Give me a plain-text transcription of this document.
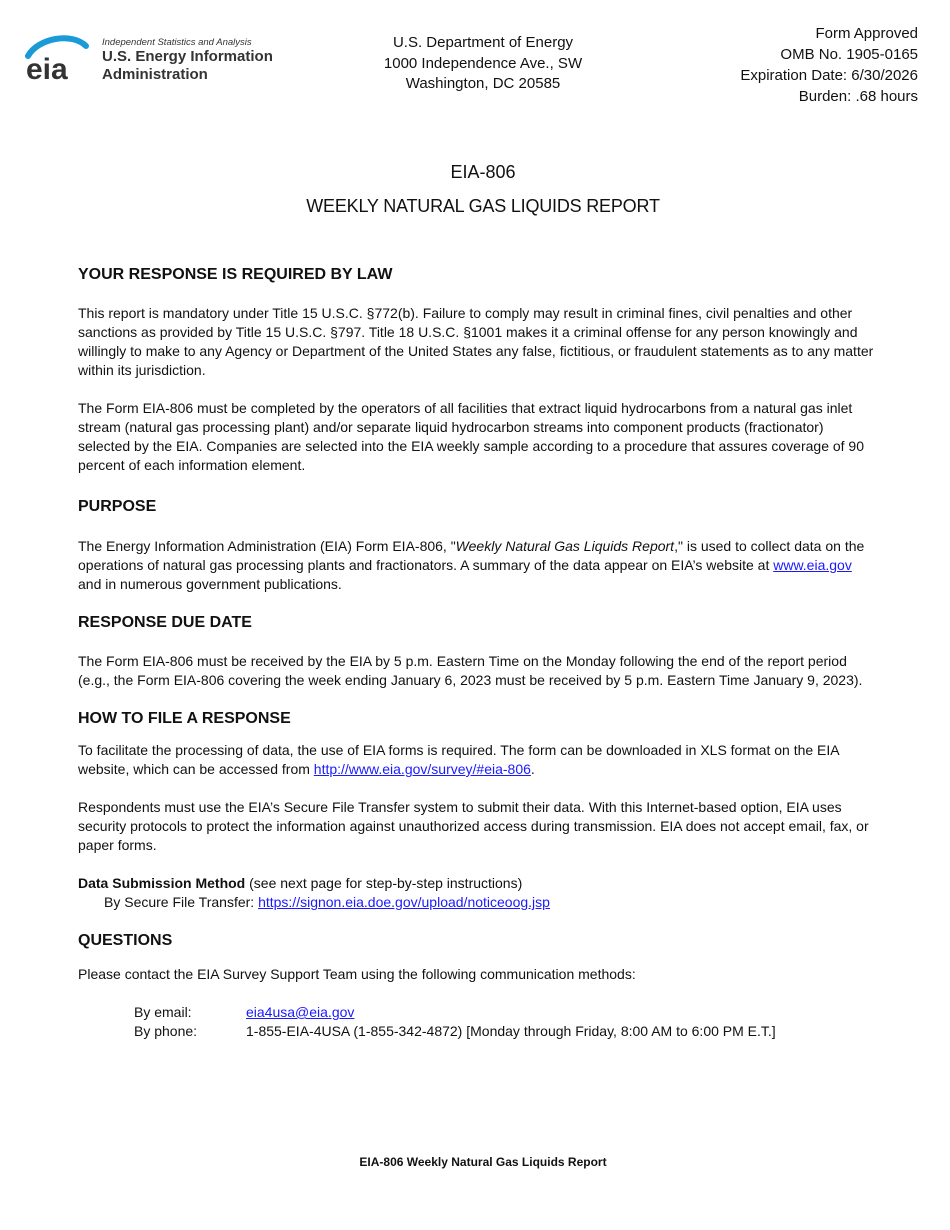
eia
Independent Statistics and Analysis
U.S. Energy Information
Administration
U.S. Department of Energy
1000 Independence Ave., SW
Washington, DC 20585
Form Approved
OMB No. 1905-0165
Expiration Date: 6/30/2026
Burden: .68 hours
EIA-806
WEEKLY NATURAL GAS LIQUIDS REPORT
YOUR RESPONSE IS REQUIRED BY LAW
This report is mandatory under Title 15 U.S.C. §772(b). Failure to comply may result in criminal fines, civil penalties and other sanctions as provided by Title 15 U.S.C. §797. Title 18 U.S.C. §1001 makes it a criminal offense for any person knowingly and willingly to make to any Agency or Department of the United States any false, fictitious, or fraudulent statements as to any matter within its jurisdiction.
The Form EIA-806 must be completed by the operators of all facilities that extract liquid hydrocarbons from a natural gas inlet stream (natural gas processing plant) and/or separate liquid hydrocarbon streams into component products (fractionator) selected by the EIA. Companies are selected into the EIA weekly sample according to a procedure that assures coverage of 90 percent of each information element.
PURPOSE
The Energy Information Administration (EIA) Form EIA-806, "Weekly Natural Gas Liquids Report," is used to collect data on the operations of natural gas processing plants and fractionators. A summary of the data appear on EIA’s website at www.eia.gov and in numerous government publications.
RESPONSE DUE DATE
The Form EIA-806 must be received by the EIA by 5 p.m. Eastern Time on the Monday following the end of the report period (e.g., the Form EIA-806 covering the week ending January 6, 2023 must be received by 5 p.m. Eastern Time January 9, 2023).
HOW TO FILE A RESPONSE
To facilitate the processing of data, the use of EIA forms is required. The form can be downloaded in XLS format on the EIA website, which can be accessed from http://www.eia.gov/survey/#eia-806.
Respondents must use the EIA’s Secure File Transfer system to submit their data. With this Internet-based option, EIA uses security protocols to protect the information against unauthorized access during transmission. EIA does not accept email, fax, or paper forms.
Data Submission Method (see next page for step-by-step instructions)
By Secure File Transfer: https://signon.eia.doe.gov/upload/noticeoog.jsp
QUESTIONS
Please contact the EIA Survey Support Team using the following communication methods:
By email:	eia4usa@eia.gov
By phone:	1-855-EIA-4USA (1-855-342-4872) [Monday through Friday, 8:00 AM to 6:00 PM E.T.]
EIA-806 Weekly Natural Gas Liquids Report
